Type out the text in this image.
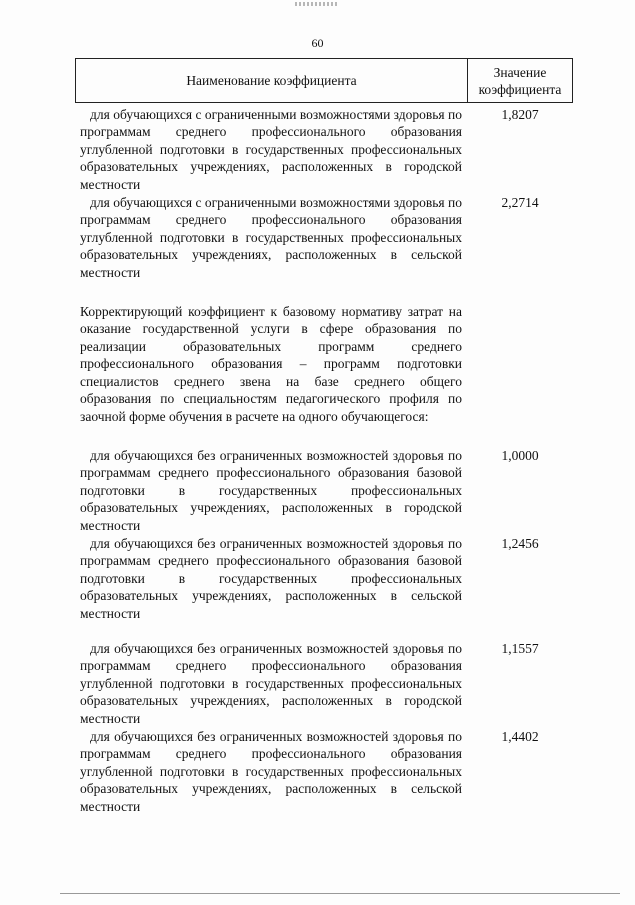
60
Наименование коэффициента
Значение
коэффициента
для обучающихся с ограниченными возможностями здоровья по программам среднего профессионального образования углубленной подготовки в государственных профессиональных образовательных учреждениях, расположенных в городской местности
1,8207
для обучающихся с ограниченными возможностями здоровья по программам среднего профессионального образования углубленной подготовки в государственных профессиональных образовательных учреждениях, расположенных в сельской местности
2,2714
Корректирующий коэффициент к базовому нормативу затрат на оказание государственной услуги в сфере образования по реализации образовательных программ среднего профессионального образования – программ подготовки специалистов среднего звена на базе среднего общего образования по специальностям педагогического профиля по заочной форме обучения в расчете на одного обучающегося:
для обучающихся без ограниченных возможностей здоровья по программам среднего профессионального образования базовой подготовки в государственных профессиональных образовательных учреждениях, расположенных в городской местности
1,0000
для обучающихся без ограниченных возможностей здоровья по программам среднего профессионального образования базовой подготовки в государственных профессиональных образовательных учреждениях, расположенных в сельской местности
1,2456
для обучающихся без ограниченных возможностей здоровья по программам среднего профессионального образования углубленной подготовки в государственных профессиональных образовательных учреждениях, расположенных в городской местности
1,1557
для обучающихся без ограниченных возможностей здоровья по программам среднего профессионального образования углубленной подготовки в государственных профессиональных образовательных учреждениях, расположенных в сельской местности
1,4402
